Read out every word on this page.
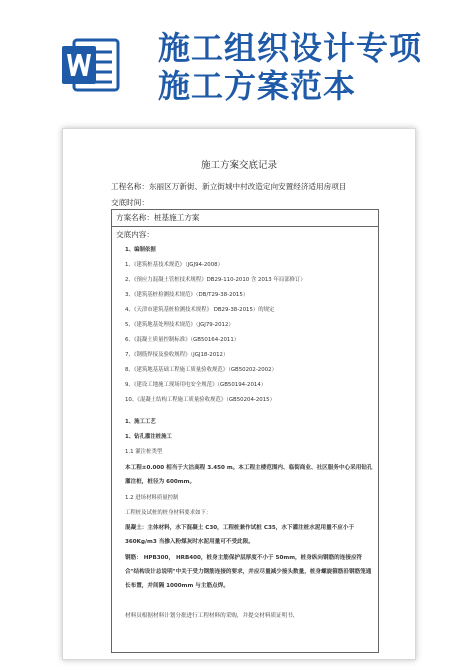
施工组织设计专项
施工方案范本
施工方案交底记录
工程名称：东丽区万新街、新立街城中村改造定向安置经济适用房项目
交底时间：
方案名称：桩基施工方案
交底内容：
1、编制依据
1、《建筑桩基技术规范》（JGJ94-2008）
2、《预应力混凝土管桩技术规程》DB29-110-2010 含 2013 年局部修订）
3、《建筑基桩检测技术规范》（DB/T29-38-2015）
4、《天津市建筑基桩检测技术规程》 DB29-38-2015）的规定
5、《建筑地基处理技术规范》（JGJ79-2012）
6、《混凝土质量控制标准》（GB50164-2011）
7、《钢筋焊接及验收规程》（JGJ18-2012）
8、《建筑地基基础工程施工质量验收规范》（GB50202-2002）
9、《建设工地施工现场用电安全规范》（GB50194-2014）
10、《混凝土结构工程施工质量验收规范》（GB50204-2015）
1、施工工艺
1、钻孔灌注桩施工
1.1 灌注桩类型
本工程±0.000 相当于大沽高程 3.450 m。本工程主楼范围内、临街商业、社区服务中心采用钻孔灌注桩，桩径为 600mm。
1.2 进场材料质量控制
工程桩及试桩的桩身材料要求如下：
混凝土：主体材料，水下混凝土 C30，工程桩兼作试桩 C35，水下灌注桩水泥用量不应小于 360Kg/m3 当掺入粉煤灰时水泥用量可不受此限。
钢筋： HPB300， HRB400，桩身主筋保护层厚度不小于 50mm，桩身纵向钢筋的连接应符合"结构设计总说明"中关于受力钢筋连接的要求，并应尽量减少接头数量，桩身螺旋箍筋沿钢筋笼通长布置，并间隔 1000mm 与主筋点焊。
材料员根据材料计划分批进行工程材料的采购，并提交材料质证明书，
